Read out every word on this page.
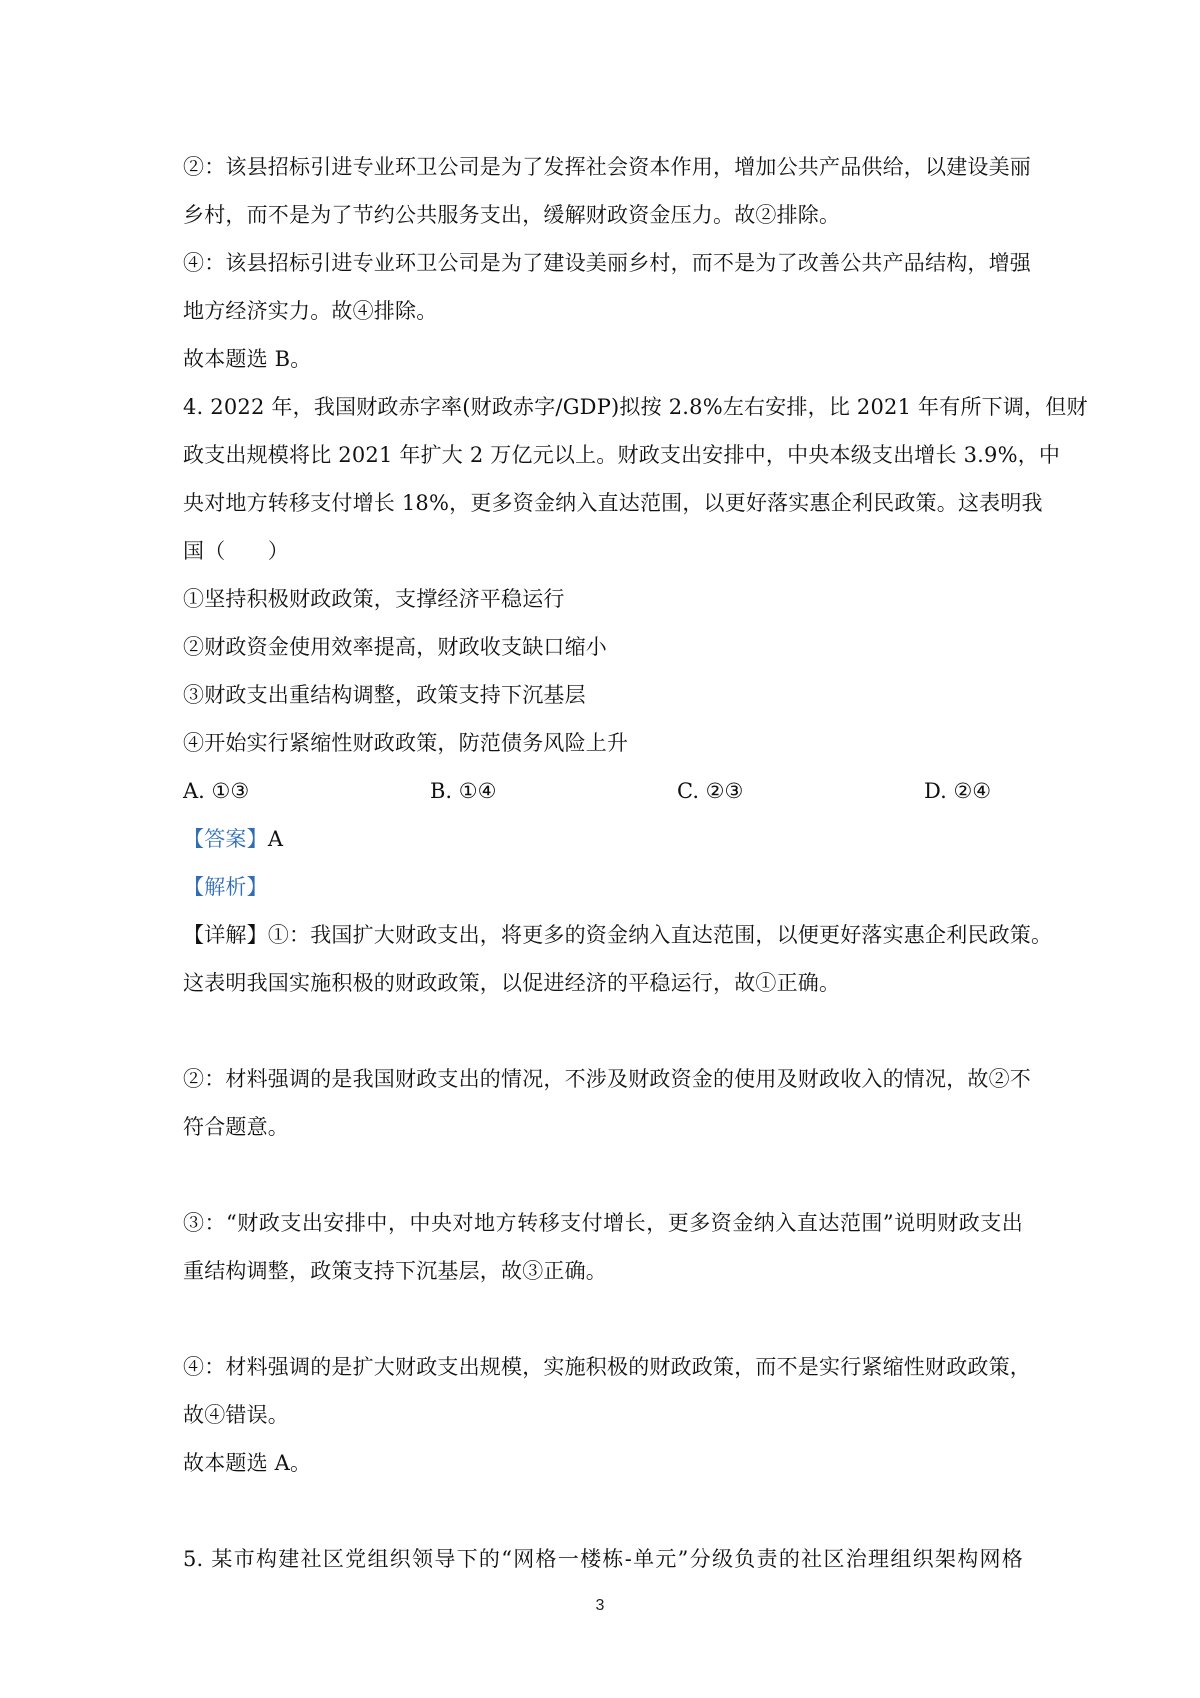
②：该县招标引进专业环卫公司是为了发挥社会资本作用，增加公共产品供给，以建设美丽
乡村，而不是为了节约公共服务支出，缓解财政资金压力。故②排除。
④：该县招标引进专业环卫公司是为了建设美丽乡村，而不是为了改善公共产品结构，增强
地方经济实力。故④排除。
故本题选 B。
4. 2022 年，我国财政赤字率(财政赤字/GDP)拟按 2.8%左右安排，比 2021 年有所下调，但财
政支出规模将比 2021 年扩大 2 万亿元以上。财政支出安排中，中央本级支出增长 3.9%，中
央对地方转移支付增长 18%，更多资金纳入直达范围，以更好落实惠企利民政策。这表明我
国（　　）
①坚持积极财政政策，支撑经济平稳运行
②财政资金使用效率提高，财政收支缺口缩小
③财政支出重结构调整，政策支持下沉基层
④开始实行紧缩性财政政策，防范债务风险上升
A. ①③	B. ①④	C. ②③	D. ②④
【答案】A
【解析】
【详解】①：我国扩大财政支出，将更多的资金纳入直达范围，以便更好落实惠企利民政策。
这表明我国实施积极的财政政策，以促进经济的平稳运行，故①正确。
②：材料强调的是我国财政支出的情况，不涉及财政资金的使用及财政收入的情况，故②不
符合题意。
③：“财政支出安排中，中央对地方转移支付增长，更多资金纳入直达范围”说明财政支出
重结构调整，政策支持下沉基层，故③正确。
④：材料强调的是扩大财政支出规模，实施积极的财政政策，而不是实行紧缩性财政政策，
故④错误。
故本题选 A。
5. 某市构建社区党组织领导下的“网格一楼栋-单元”分级负责的社区治理组织架构网格
3
